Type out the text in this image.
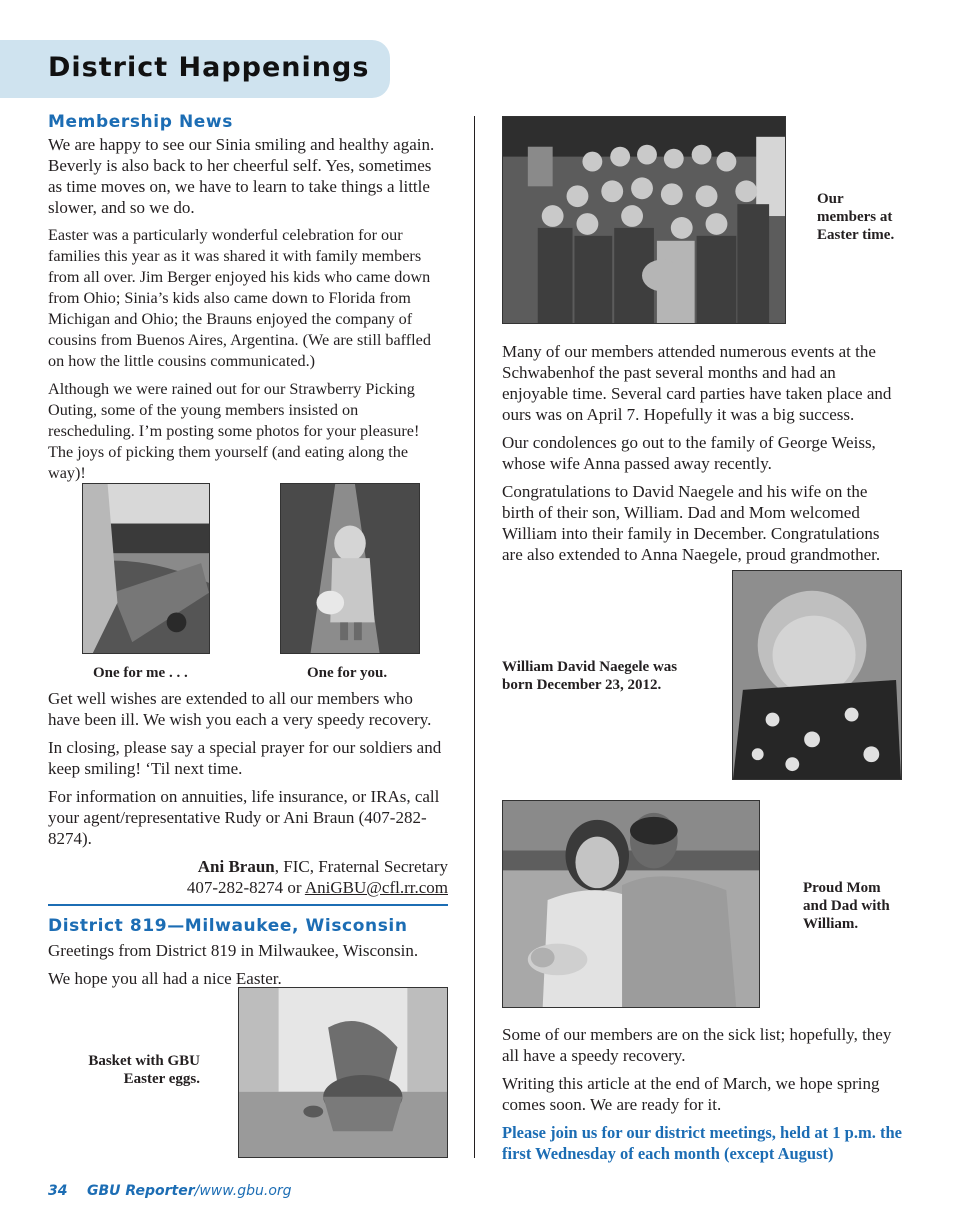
District Happenings
Membership News

We are happy to see our Sinia smiling and healthy again. Beverly is also back to her cheerful self. Yes, sometimes as time moves on, we have to learn to take things a little slower, and so we do.

Easter was a particularly wonderful celebration for our families this year as it was shared it with family members from all over. Jim Berger enjoyed his kids who came down from Ohio; Sinia’s kids also came down to Florida from Michigan and Ohio; the Brauns enjoyed the company of cousins from Buenos Aires, Argentina. (We are still baffled on how the little cousins communicated.)

Although we were rained out for our Strawberry Picking Outing, some of the young members insisted on rescheduling. I’m posting some photos for your pleasure! The joys of picking them yourself (and eating along the way)!

One for me . . .	One for you.

Get well wishes are extended to all our members who have been ill. We wish you each a very speedy recovery.

In closing, please say a special prayer for our soldiers and keep smiling! ‘Til next time.

For information on annuities, life insurance, or IRAs, call your agent/representative Rudy or Ani Braun (407-282-8274).

Ani Braun, FIC, Fraternal Secretary
407-282-8274 or AniGBU@cfl.rr.com
District 819—Milwaukee, Wisconsin

Greetings from District 819 in Milwaukee, Wisconsin.

We hope you all had a nice Easter.

Basket with GBU
Easter eggs.
Our
members at
Easter time.

Many of our members attended numerous events at the Schwabenhof the past several months and had an enjoyable time. Several card parties have taken place and ours was on April 7. Hopefully it was a big success.

Our condolences go out to the family of George Weiss, whose wife Anna passed away recently.

Congratulations to David Naegele and his wife on the birth of their son, William. Dad and Mom welcomed William into their family in December. Congratulations are also extended to Anna Naegele, proud grandmother.

William David Naegele was
born December 23, 2012.
Proud Mom
and Dad with
William.

Some of our members are on the sick list; hopefully, they all have a speedy recovery.

Writing this article at the end of March, we hope spring comes soon. We are ready for it.

Please join us for our district meetings, held at 1 p.m. the first Wednesday of each month (except August)

34 GBU Reporter/www.gbu.org
